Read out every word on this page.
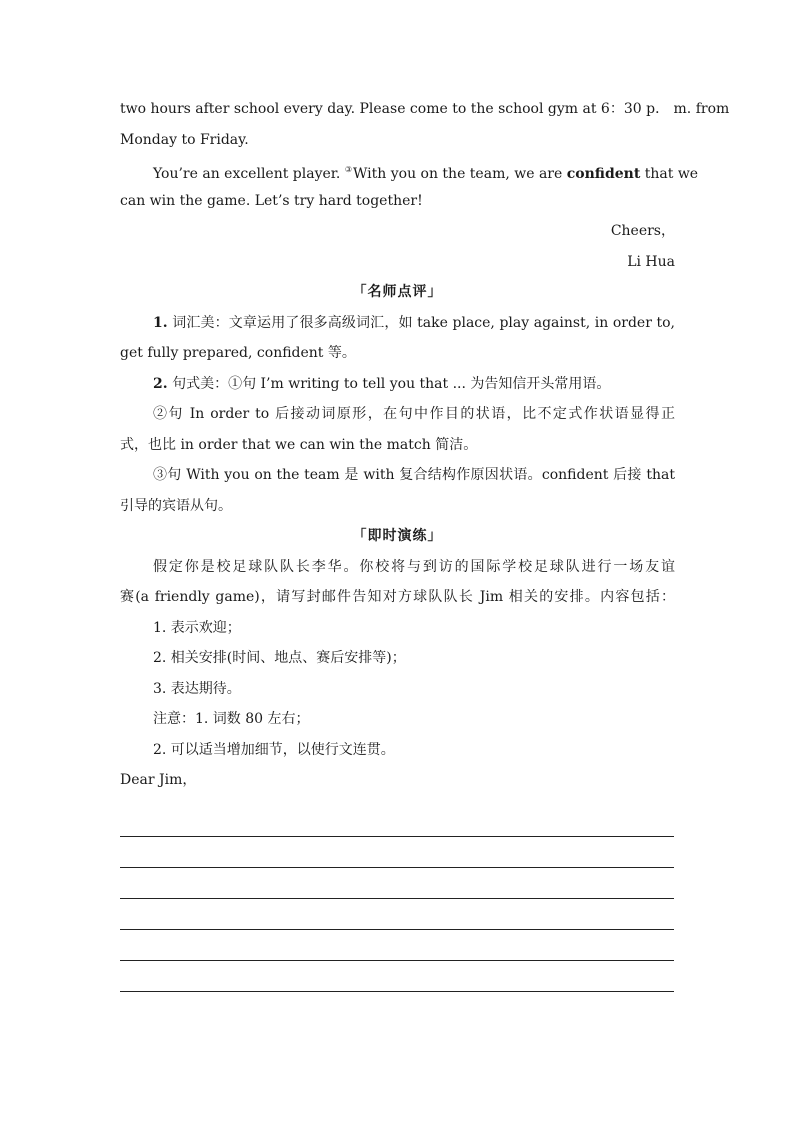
two hours after school every day. Please come to the school gym at 6：30 p． m. from
Monday to Friday.
You’re an excellent player. ③With you on the team, we are confident that we
can win the game. Let’s try hard together!
Cheers，
Li Hua
「名师点评」
1. 词汇美：文章运用了很多高级词汇，如 take place, play against, in order to,
get fully prepared, confident 等。
2. 句式美：①句 I’m writing to tell you that ... 为告知信开头常用语。
②句 In order to 后接动词原形，在句中作目的状语，比不定式作状语显得正
式，也比 in order that we can win the match 简洁。
③句 With you on the team 是 with 复合结构作原因状语。confident 后接 that
引导的宾语从句。
「即时演练」
假定你是校足球队队长李华。你校将与到访的国际学校足球队进行一场友谊
赛(a friendly game)，请写封邮件告知对方球队队长 Jim 相关的安排。内容包括：
1. 表示欢迎；
2. 相关安排(时间、地点、赛后安排等)；
3. 表达期待。
注意：1. 词数 80 左右；
2. 可以适当增加细节，以使行文连贯。
Dear Jim，
